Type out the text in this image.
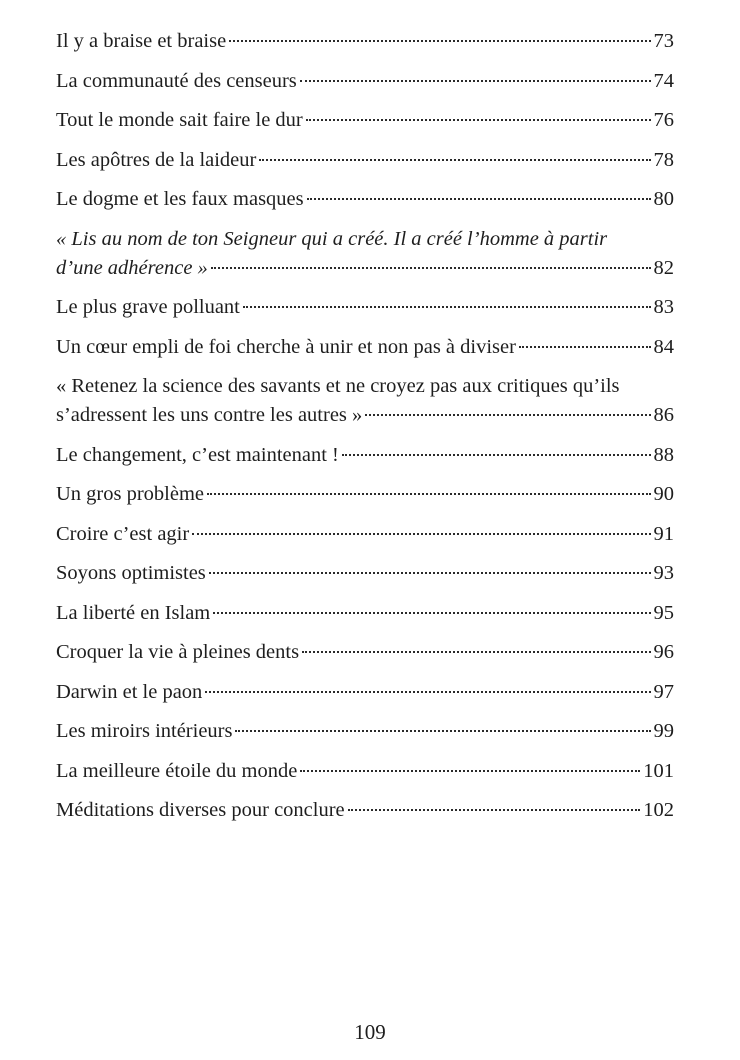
Il y a braise et braise	73
La communauté des censeurs	74
Tout le monde sait faire le dur	76
Les apôtres de la laideur	78
Le dogme et les faux masques	80
« Lis au nom de ton Seigneur qui a créé. Il a créé l’homme à partir
d’une adhérence »	82
Le plus grave polluant	83
Un cœur empli de foi cherche à unir et non pas à diviser	84
« Retenez la science des savants et ne croyez pas aux critiques qu’ils
s’adressent les uns contre les autres »	86
Le changement, c’est maintenant !	88
Un gros problème	90
Croire c’est agir	91
Soyons optimistes	93
La liberté en Islam	95
Croquer la vie à pleines dents	96
Darwin et le paon	97
Les miroirs intérieurs	99
La meilleure étoile du monde	101
Méditations diverses pour conclure	102
109
